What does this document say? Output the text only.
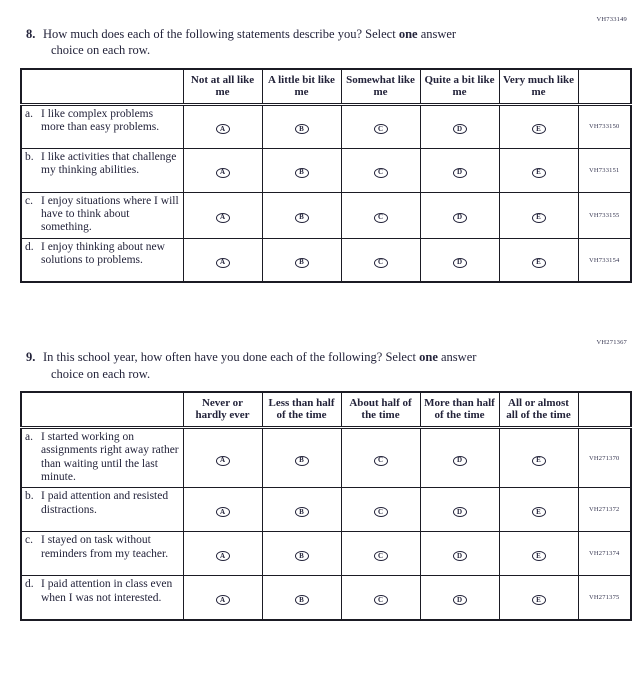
VH733149
8. How much does each of the following statements describe you? Select one answer
choice on each row.
	Not at all like me	A little bit like me	Somewhat like me	Quite a bit like me	Very much like me	

a. I like complex problems more than easy problems.	A	B	C	D	E	VH733150

b. I like activities that challenge my thinking abilities.	A	B	C	D	E	VH733151

c. I enjoy situations where I will have to think about something.	A	B	C	D	E	VH733155

d. I enjoy thinking about new solutions to problems.	A	B	C	D	E	VH733154
VH271367
9. In this school year, how often have you done each of the following? Select one answer
choice on each row.
	Never or hardly ever	Less than half of the time	About half of the time	More than half of the time	All or almost all of the time	

a. I started working on assignments right away rather than waiting until the last minute.	A	B	C	D	E	VH271370

b. I paid attention and resisted distractions.	A	B	C	D	E	VH271372

c. I stayed on task without reminders from my teacher.	A	B	C	D	E	VH271374

d. I paid attention in class even when I was not interested.	A	B	C	D	E	VH271375
